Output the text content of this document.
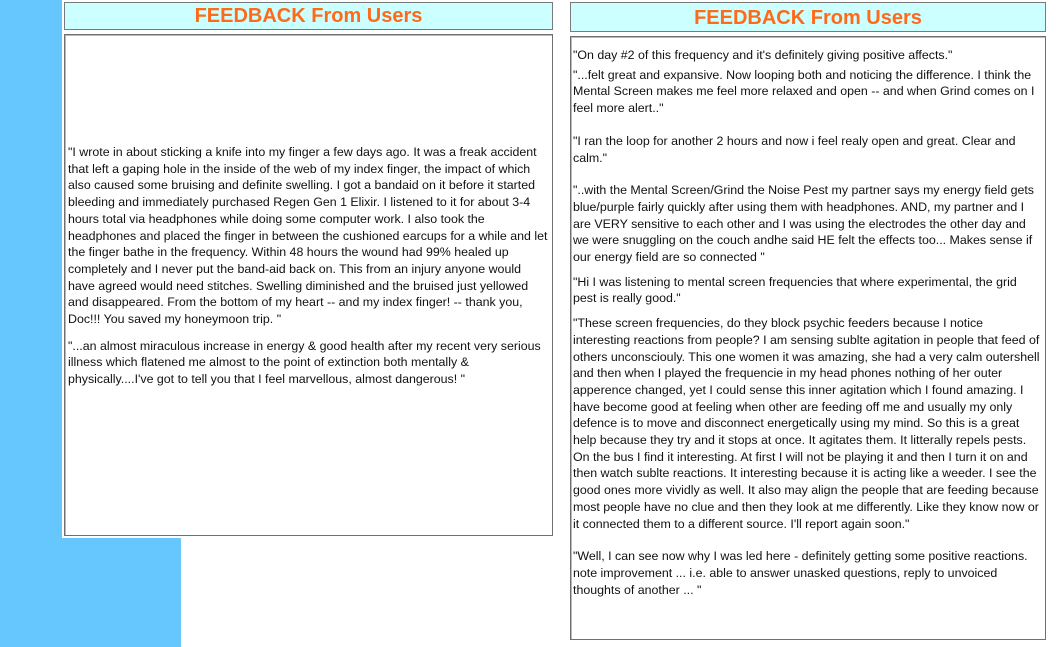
FEEDBACK From Users

"I wrote in about sticking a knife into my finger a few days ago. It was a freak accident that left a gaping hole in the inside of the web of my index finger, the impact of which also caused some bruising and definite swelling. I got a bandaid on it before it started bleeding and immediately purchased Regen Gen 1 Elixir. I listened to it for about 3-4 hours total via headphones while doing some computer work. I also took the headphones and placed the finger in between the cushioned earcups for a while and let the finger bathe in the frequency. Within 48 hours the wound had 99% healed up completely and I never put the band-aid back on. This from an injury anyone would have agreed would need stitches. Swelling diminished and the bruised just yellowed and disappeared. From the bottom of my heart -- and my index finger! -- thank you, Doc!!! You saved my honeymoon trip. "

"...an almost miraculous increase in energy & good health after my recent very serious illness which flatened me almost to the point of extinction both mentally & physically....I've got to tell you that I feel marvellous, almost dangerous! "

FEEDBACK From Users

"On day #2 of this frequency and it's definitely giving positive affects."

"...felt great and expansive. Now looping both and noticing the difference. I think the Mental Screen makes me feel more relaxed and open -- and when Grind comes on I feel more alert.."

"I ran the loop for another 2 hours and now i feel realy open and great. Clear and calm."

"..with the Mental Screen/Grind the Noise Pest my partner says my energy field gets blue/purple fairly quickly after using them with headphones. AND, my partner and I are VERY sensitive to each other and I was using the electrodes the other day and we were snuggling on the couch andhe said HE felt the effects too... Makes sense if our energy field are so connected "

"Hi I was listening to mental screen frequencies that where experimental, the grid pest is really good."

"These screen frequencies, do they block psychic feeders because I notice interesting reactions from people? I am sensing sublte agitation in people that feed of others unconsciouly. This one women it was amazing, she had a very calm outershell and then when I played the frequencie in my head phones nothing of her outer apperence changed, yet I could sense this inner agitation which I found amazing. I have become good at feeling when other are feeding off me and usually my only defence is to move and disconnect energetically using my mind. So this is a great help because they try and it stops at once. It agitates them. It litterally repels pests. On the bus I find it interesting. At first I will not be playing it and then I turn it on and then watch sublte reactions. It interesting because it is acting like a weeder. I see the good ones more vividly as well. It also may align the people that are feeding because most people have no clue and then they look at me differently. Like they know now or it connected them to a different source. I'll report again soon."

"Well, I can see now why I was led here - definitely getting some positive reactions. note improvement ... i.e. able to answer unasked questions, reply to unvoiced thoughts of another ... "
